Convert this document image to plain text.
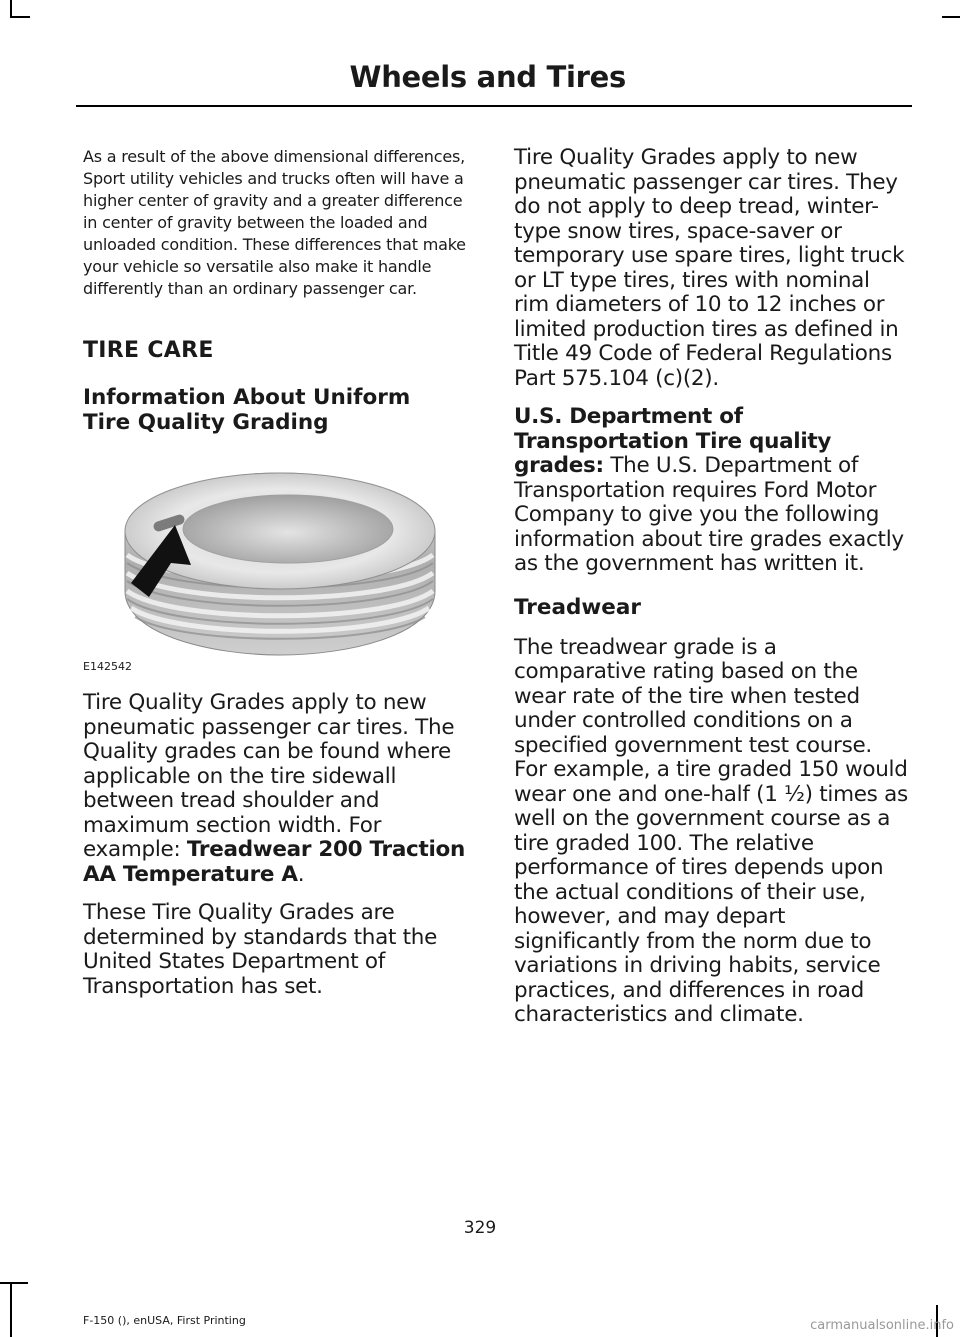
Wheels and Tires

As a result of the above dimensional differences, Sport utility vehicles and trucks often will have a higher center of gravity and a greater difference in center of gravity between the loaded and unloaded condition. These differences that make your vehicle so versatile also make it handle differently than an ordinary passenger car.

TIRE CARE

Information About Uniform Tire Quality Grading

E142542

Tire Quality Grades apply to new pneumatic passenger car tires. The Quality grades can be found where applicable on the tire sidewall between tread shoulder and maximum section width. For example: Treadwear 200 Traction AA Temperature A.

These Tire Quality Grades are determined by standards that the United States Department of Transportation has set.

Tire Quality Grades apply to new pneumatic passenger car tires. They do not apply to deep tread, winter-type snow tires, space-saver or temporary use spare tires, light truck or LT type tires, tires with nominal rim diameters of 10 to 12 inches or limited production tires as defined in Title 49 Code of Federal Regulations Part 575.104 (c)(2).

U.S. Department of Transportation Tire quality grades: The U.S. Department of Transportation requires Ford Motor Company to give you the following information about tire grades exactly as the government has written it.

Treadwear

The treadwear grade is a comparative rating based on the wear rate of the tire when tested under controlled conditions on a specified government test course. For example, a tire graded 150 would wear one and one-half (1 ½) times as well on the government course as a tire graded 100. The relative performance of tires depends upon the actual conditions of their use, however, and may depart significantly from the norm due to variations in driving habits, service practices, and differences in road characteristics and climate.

329
F-150 (), enUSA, First Printing	carmanualsonline.info
